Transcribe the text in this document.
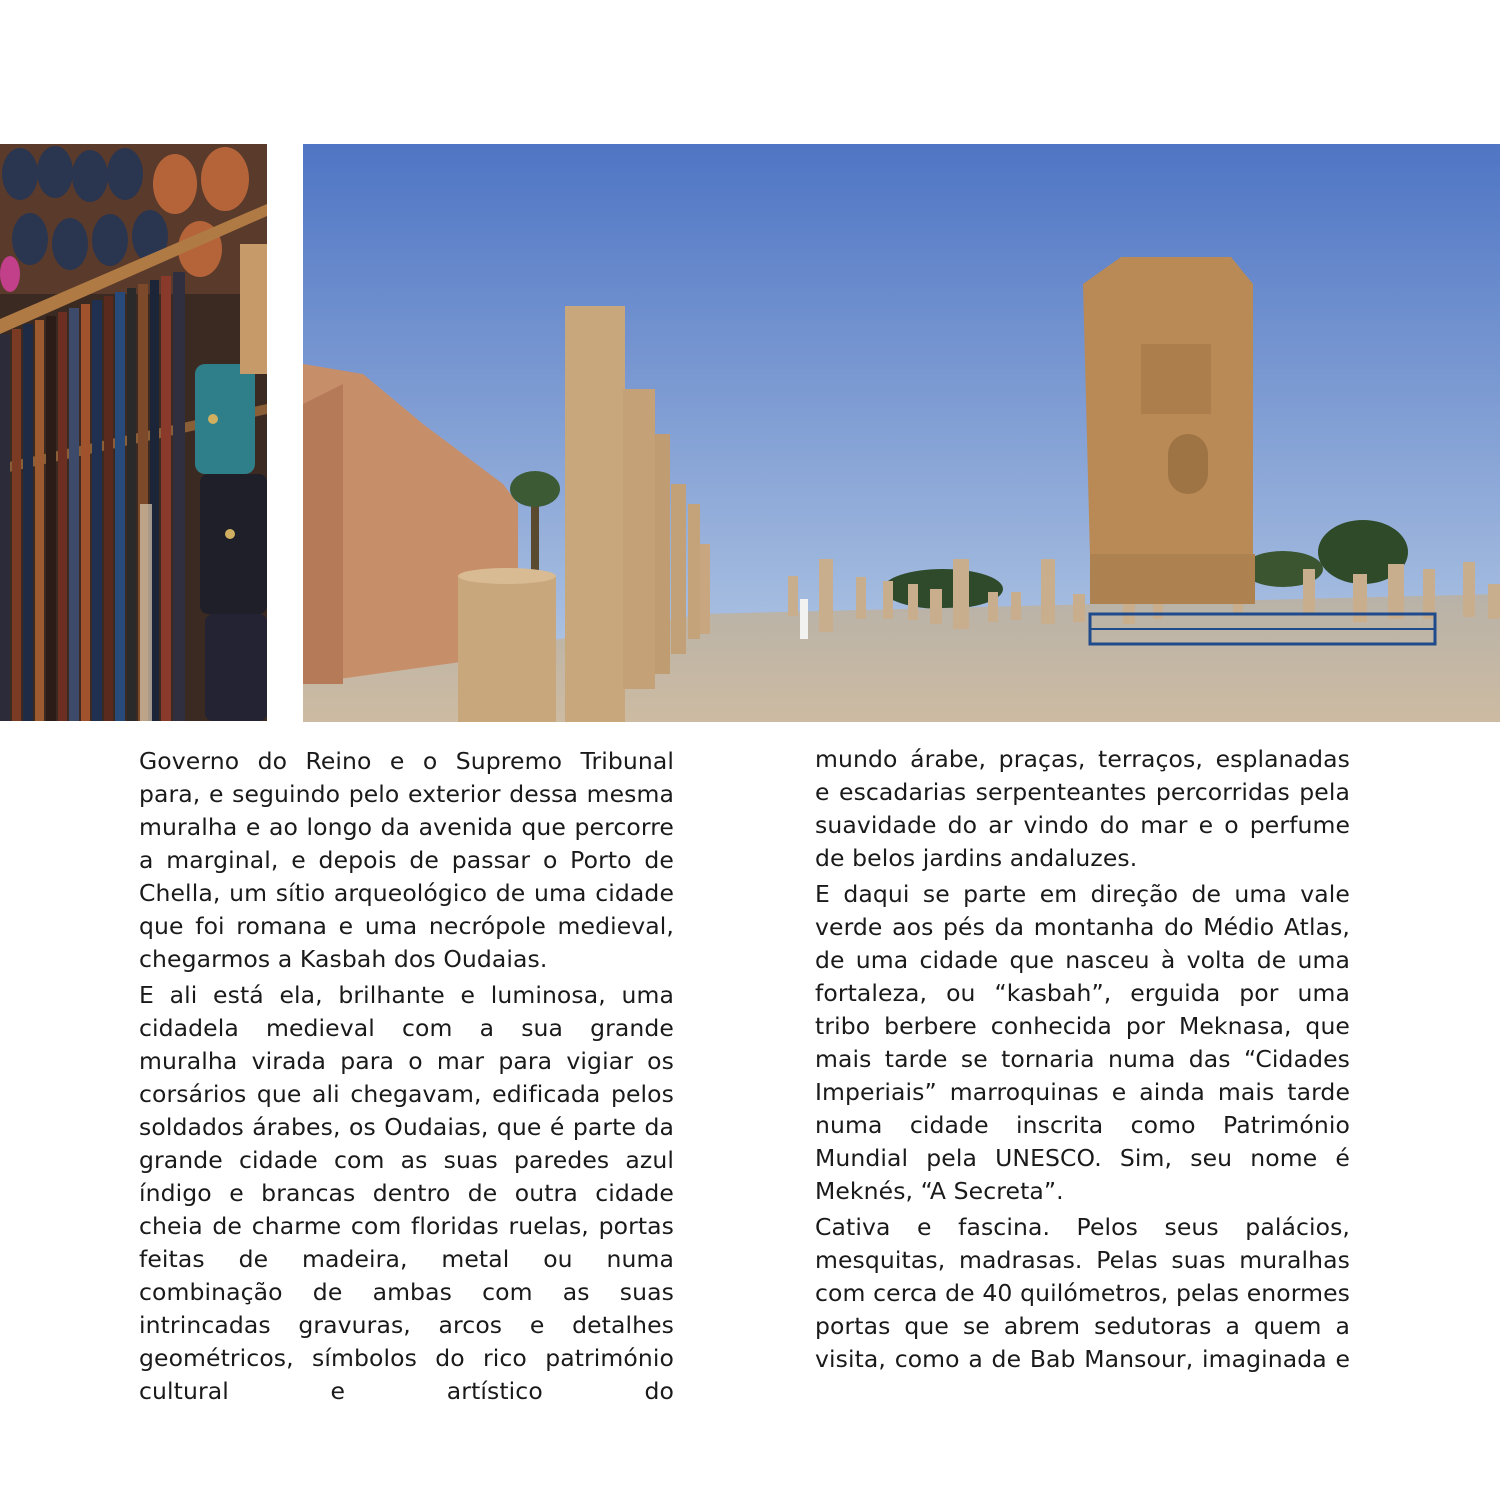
Governo do Reino e o Supremo Tribunal para, e seguindo pelo exterior dessa mesma muralha e ao longo da avenida que percorre a marginal, e depois de passar o Porto de Chella, um sítio arqueológico de uma cidade que foi romana e uma necrópole medieval, chegarmos a Kasbah dos Oudaias.

E ali está ela, brilhante e luminosa, uma cidadela medieval com a sua grande muralha virada para o mar para vigiar os corsários que ali chegavam, edificada pelos soldados árabes, os Oudaias, que é parte da grande cidade com as suas paredes azul índigo e brancas dentro de outra cidade cheia de charme com floridas ruelas, portas feitas de madeira, metal ou numa combinação de ambas com as suas intrincadas gravuras, arcos e detalhes geométricos, símbolos do rico património cultural e artístico do

mundo árabe, praças, terraços, esplanadas e escadarias serpenteantes percorridas pela suavidade do ar vindo do mar e o perfume de belos jardins andaluzes.

E daqui se parte em direção de uma vale verde aos pés da montanha do Médio Atlas, de uma cidade que nasceu à volta de uma fortaleza, ou “kasbah”, erguida por uma tribo berbere conhecida por Meknasa, que mais tarde se tornaria numa das “Cidades Imperiais” marroquinas e ainda mais tarde numa cidade inscrita como Património Mundial pela UNESCO. Sim, seu nome é Meknés, “A Secreta”.

Cativa e fascina. Pelos seus palácios, mesquitas, madrasas. Pelas suas muralhas com cerca de 40 quilómetros, pelas enormes portas que se abrem sedutoras a quem a visita, como a de Bab Mansour, imaginada e
